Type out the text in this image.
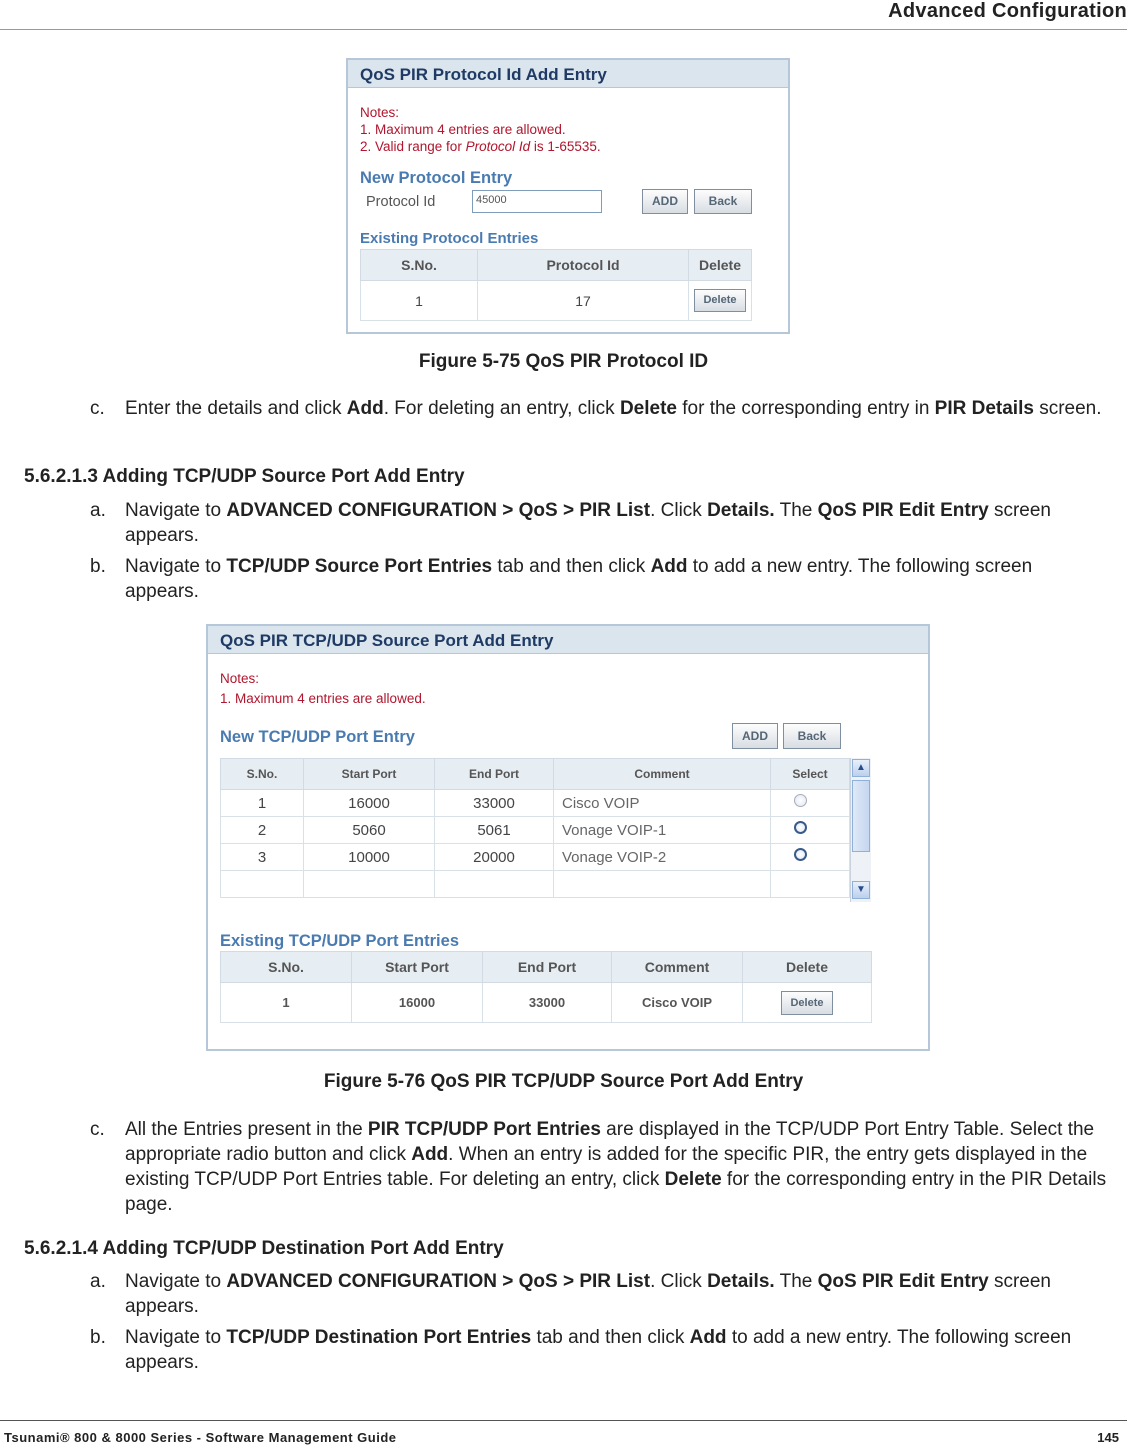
Advanced Configuration
QoS PIR Protocol Id Add Entry
Notes:
1. Maximum 4 entries are allowed.
2. Valid range for Protocol Id is 1-65535.
New Protocol Entry
Protocol Id	45000	ADD	Back
Existing Protocol Entries
S.No.	Protocol Id	Delete
1	17	Delete
Figure 5-75 QoS PIR Protocol ID
c. Enter the details and click Add. For deleting an entry, click Delete for the corresponding entry in PIR Details screen.
5.6.2.1.3 Adding TCP/UDP Source Port Add Entry
a. Navigate to ADVANCED CONFIGURATION > QoS > PIR List. Click Details. The QoS PIR Edit Entry screen appears.
b. Navigate to TCP/UDP Source Port Entries tab and then click Add to add a new entry. The following screen appears.
QoS PIR TCP/UDP Source Port Add Entry
Notes:
1. Maximum 4 entries are allowed.
New TCP/UDP Port Entry	ADD	Back
S.No.	Start Port	End Port	Comment	Select
1	16000	33000	Cisco VOIP	
2	5060	5061	Vonage VOIP-1	
3	10000	20000	Vonage VOIP-2	

▲
▼
Existing TCP/UDP Port Entries
S.No.	Start Port	End Port	Comment	Delete
1	16000	33000	Cisco VOIP	Delete
Figure 5-76 QoS PIR TCP/UDP Source Port Add Entry
c. All the Entries present in the PIR TCP/UDP Port Entries are displayed in the TCP/UDP Port Entry Table. Select the appropriate radio button and click Add. When an entry is added for the specific PIR, the entry gets displayed in the existing TCP/UDP Port Entries table. For deleting an entry, click Delete for the corresponding entry in the PIR Details page.
5.6.2.1.4 Adding TCP/UDP Destination Port Add Entry
a. Navigate to ADVANCED CONFIGURATION > QoS > PIR List. Click Details. The QoS PIR Edit Entry screen appears.
b. Navigate to TCP/UDP Destination Port Entries tab and then click Add to add a new entry. The following screen appears.
Tsunami® 800 & 8000 Series - Software Management Guide	145
